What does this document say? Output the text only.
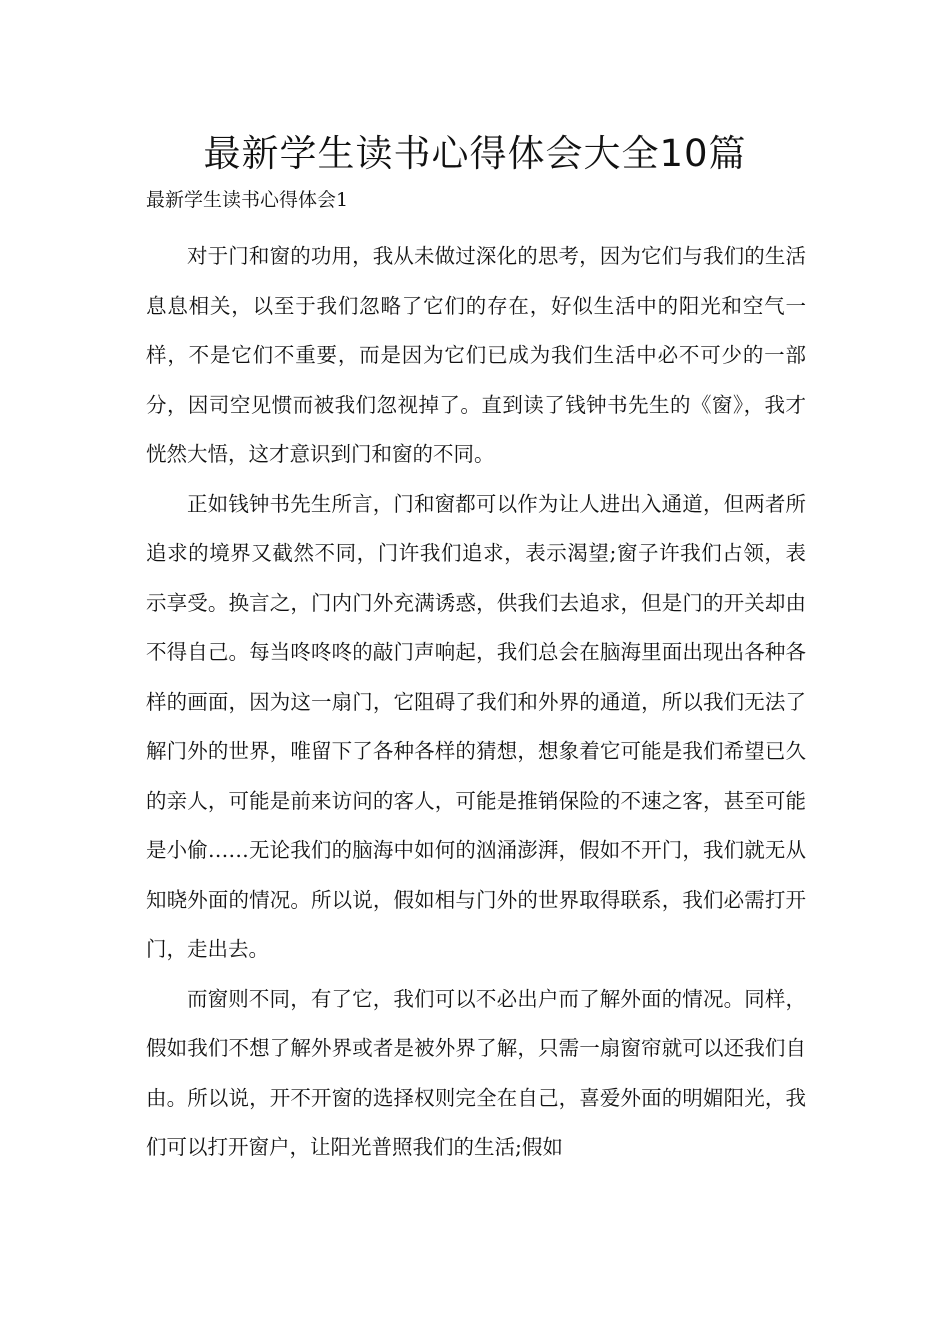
最新学生读书心得体会大全10篇
最新学生读书心得体会1

对于门和窗的功用，我从未做过深化的思考，因为它们与我们的生活息息相关，以至于我们忽略了它们的存在，好似生活中的阳光和空气一样，不是它们不重要，而是因为它们已成为我们生活中必不可少的一部分，因司空见惯而被我们忽视掉了。直到读了钱钟书先生的《窗》，我才恍然大悟，这才意识到门和窗的不同。

正如钱钟书先生所言，门和窗都可以作为让人进出入通道，但两者所追求的境界又截然不同，门许我们追求，表示渴望;窗子许我们占领，表示享受。换言之，门内门外充满诱惑，供我们去追求，但是门的开关却由不得自己。每当咚咚咚的敲门声响起，我们总会在脑海里面出现出各种各样的画面，因为这一扇门，它阻碍了我们和外界的通道，所以我们无法了解门外的世界，唯留下了各种各样的猜想，想象着它可能是我们希望已久的亲人，可能是前来访问的客人，可能是推销保险的不速之客，甚至可能是小偷……无论我们的脑海中如何的汹涌澎湃，假如不开门，我们就无从知晓外面的情况。所以说，假如相与门外的世界取得联系，我们必需打开门，走出去。

而窗则不同，有了它，我们可以不必出户而了解外面的情况。同样，假如我们不想了解外界或者是被外界了解，只需一扇窗帘就可以还我们自由。所以说，开不开窗的选择权则完全在自己，喜爱外面的明媚阳光，我们可以打开窗户，让阳光普照我们的生活;假如
